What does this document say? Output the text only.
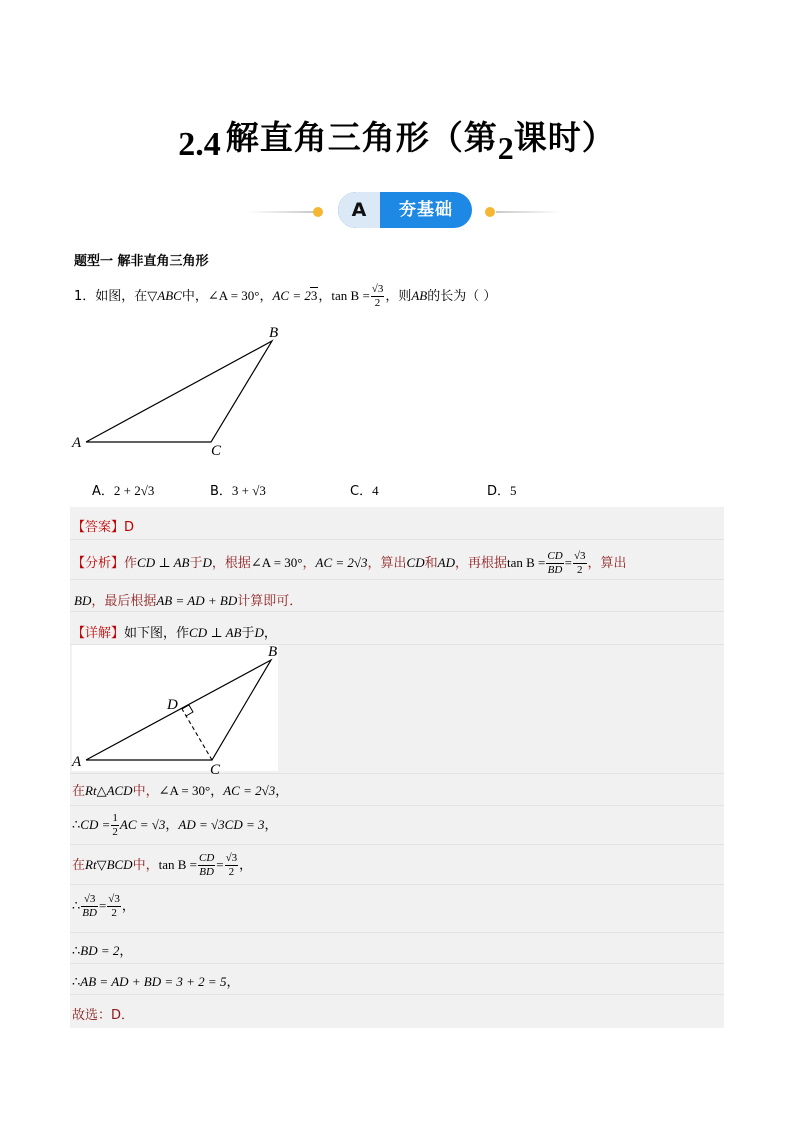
2.4 解直角三角形（第2课时）
A	夯基础
题型一 解非直角三角形
1．如图，在▽ABC中，∠A = 30°，AC = 23，$\tan B = \frac{√3}{2}$ ，则AB的长为（ ）
A
B
C
A．2 + 2√3	B．3 + √3	C．4	D．5
【答案】D
【分析】作CD ⊥ AB于D，根据∠A = 30°，AC = 2√3，算出CD和AD，再根据$\tan B = \frac{CD}{BD} = \frac{√3}{2}$ ，算出
BD，最后根据AB = AD + BD计算即可．
【详解】如下图，作CD ⊥ AB于D，
A
B
C
D
在Rt△ACD中，∠A = 30°，AC = 2√3，
∴CD = $\frac{1}{2}$ AC = √3，AD = √3CD = 3，
在Rt▽BCD中，$\tan B = \frac{CD}{BD} = \frac{√3}{2}$ ，
∴ $\frac{√3}{BD} = \frac{√3}{2}$ ，
∴BD = 2，
∴AB = AD + BD = 3 + 2 = 5，
故选：D．
